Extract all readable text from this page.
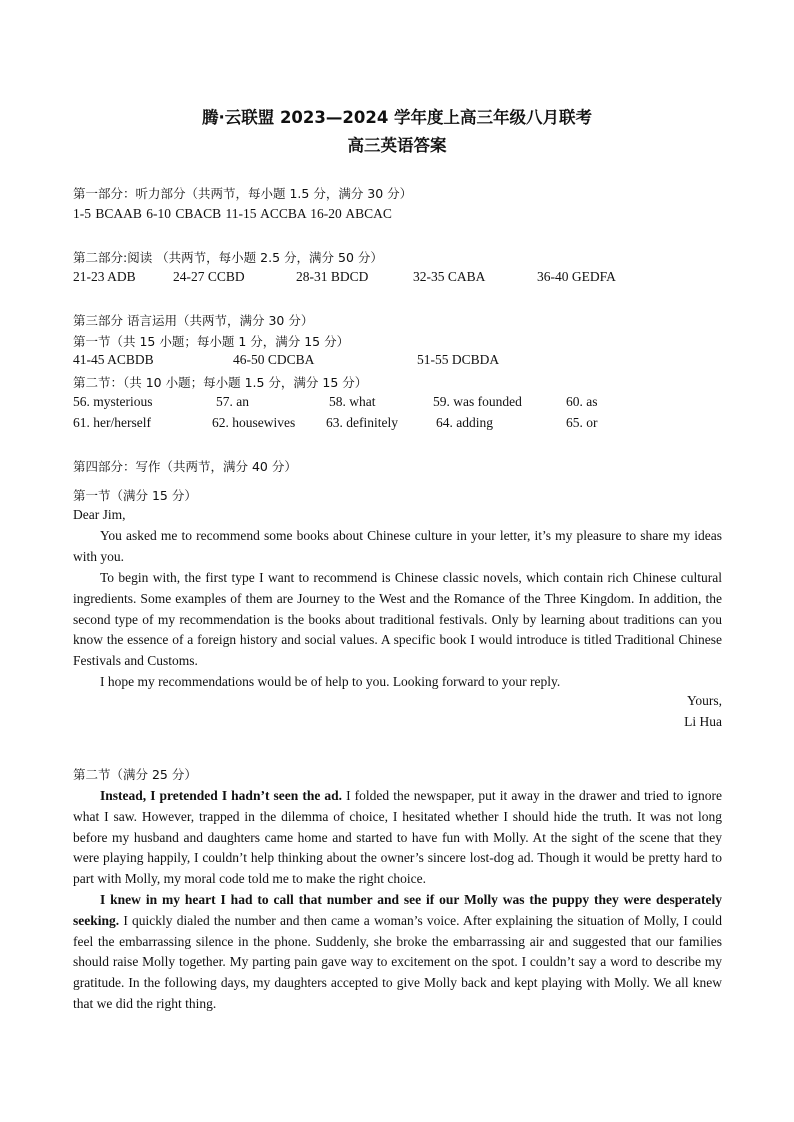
腾·云联盟 2023—2024 学年度上高三年级八月联考
高三英语答案
第一部分：听力部分（共两节，每小题 1.5 分，满分 30 分）
1-5 BCAAB 6-10 CBACB 11-15 ACCBA 16-20 ABCAC
第二部分:阅读 （共两节，每小题 2.5 分，满分 50 分）
21-23 ADB	24-27 CCBD	28-31 BDCD	32-35 CABA	36-40 GEDFA
第三部分 语言运用（共两节，满分 30 分）
第一节（共 15 小题；每小题 1 分，满分 15 分）
41-45 ACBDB	46-50 CDCBA	51-55 DCBDA
第二节：（共 10 小题；每小题 1.5 分，满分 15 分）
56. mysterious	57. an	58. what	59. was founded	60. as
61. her/herself	62. housewives 63. definitely	64. adding	65. or
第四部分：写作（共两节，满分 40 分）
第一节（满分 15 分）
Dear Jim,

You asked me to recommend some books about Chinese culture in your letter, it’s my pleasure to share my ideas with you.

To begin with, the first type I want to recommend is Chinese classic novels, which contain rich Chinese cultural ingredients. Some examples of them are Journey to the West and the Romance of the Three Kingdom. In addition, the second type of my recommendation is the books about traditional festivals. Only by learning about traditions can you know the essence of a foreign history and social values. A specific book I would introduce is titled Traditional Chinese Festivals and Customs.

I hope my recommendations would be of help to you. Looking forward to your reply.

Yours,
Li Hua
第二节（满分 25 分）

Instead, I pretended I hadn’t seen the ad. I folded the newspaper, put it away in the drawer and tried to ignore what I saw. However, trapped in the dilemma of choice, I hesitated whether I should hide the truth. It was not long before my husband and daughters came home and started to have fun with Molly. At the sight of the scene that they were playing happily, I couldn’t help thinking about the owner’s sincere lost-dog ad. Though it would be pretty hard to part with Molly, my moral code told me to make the right choice.

I knew in my heart I had to call that number and see if our Molly was the puppy they were desperately seeking. I quickly dialed the number and then came a woman’s voice. After explaining the situation of Molly, I could feel the embarrassing silence in the phone. Suddenly, she broke the embarrassing air and suggested that our families should raise Molly together. My parting pain gave way to excitement on the spot. I couldn’t say a word to describe my gratitude. In the following days, my daughters accepted to give Molly back and kept playing with Molly. We all knew that we did the right thing.
